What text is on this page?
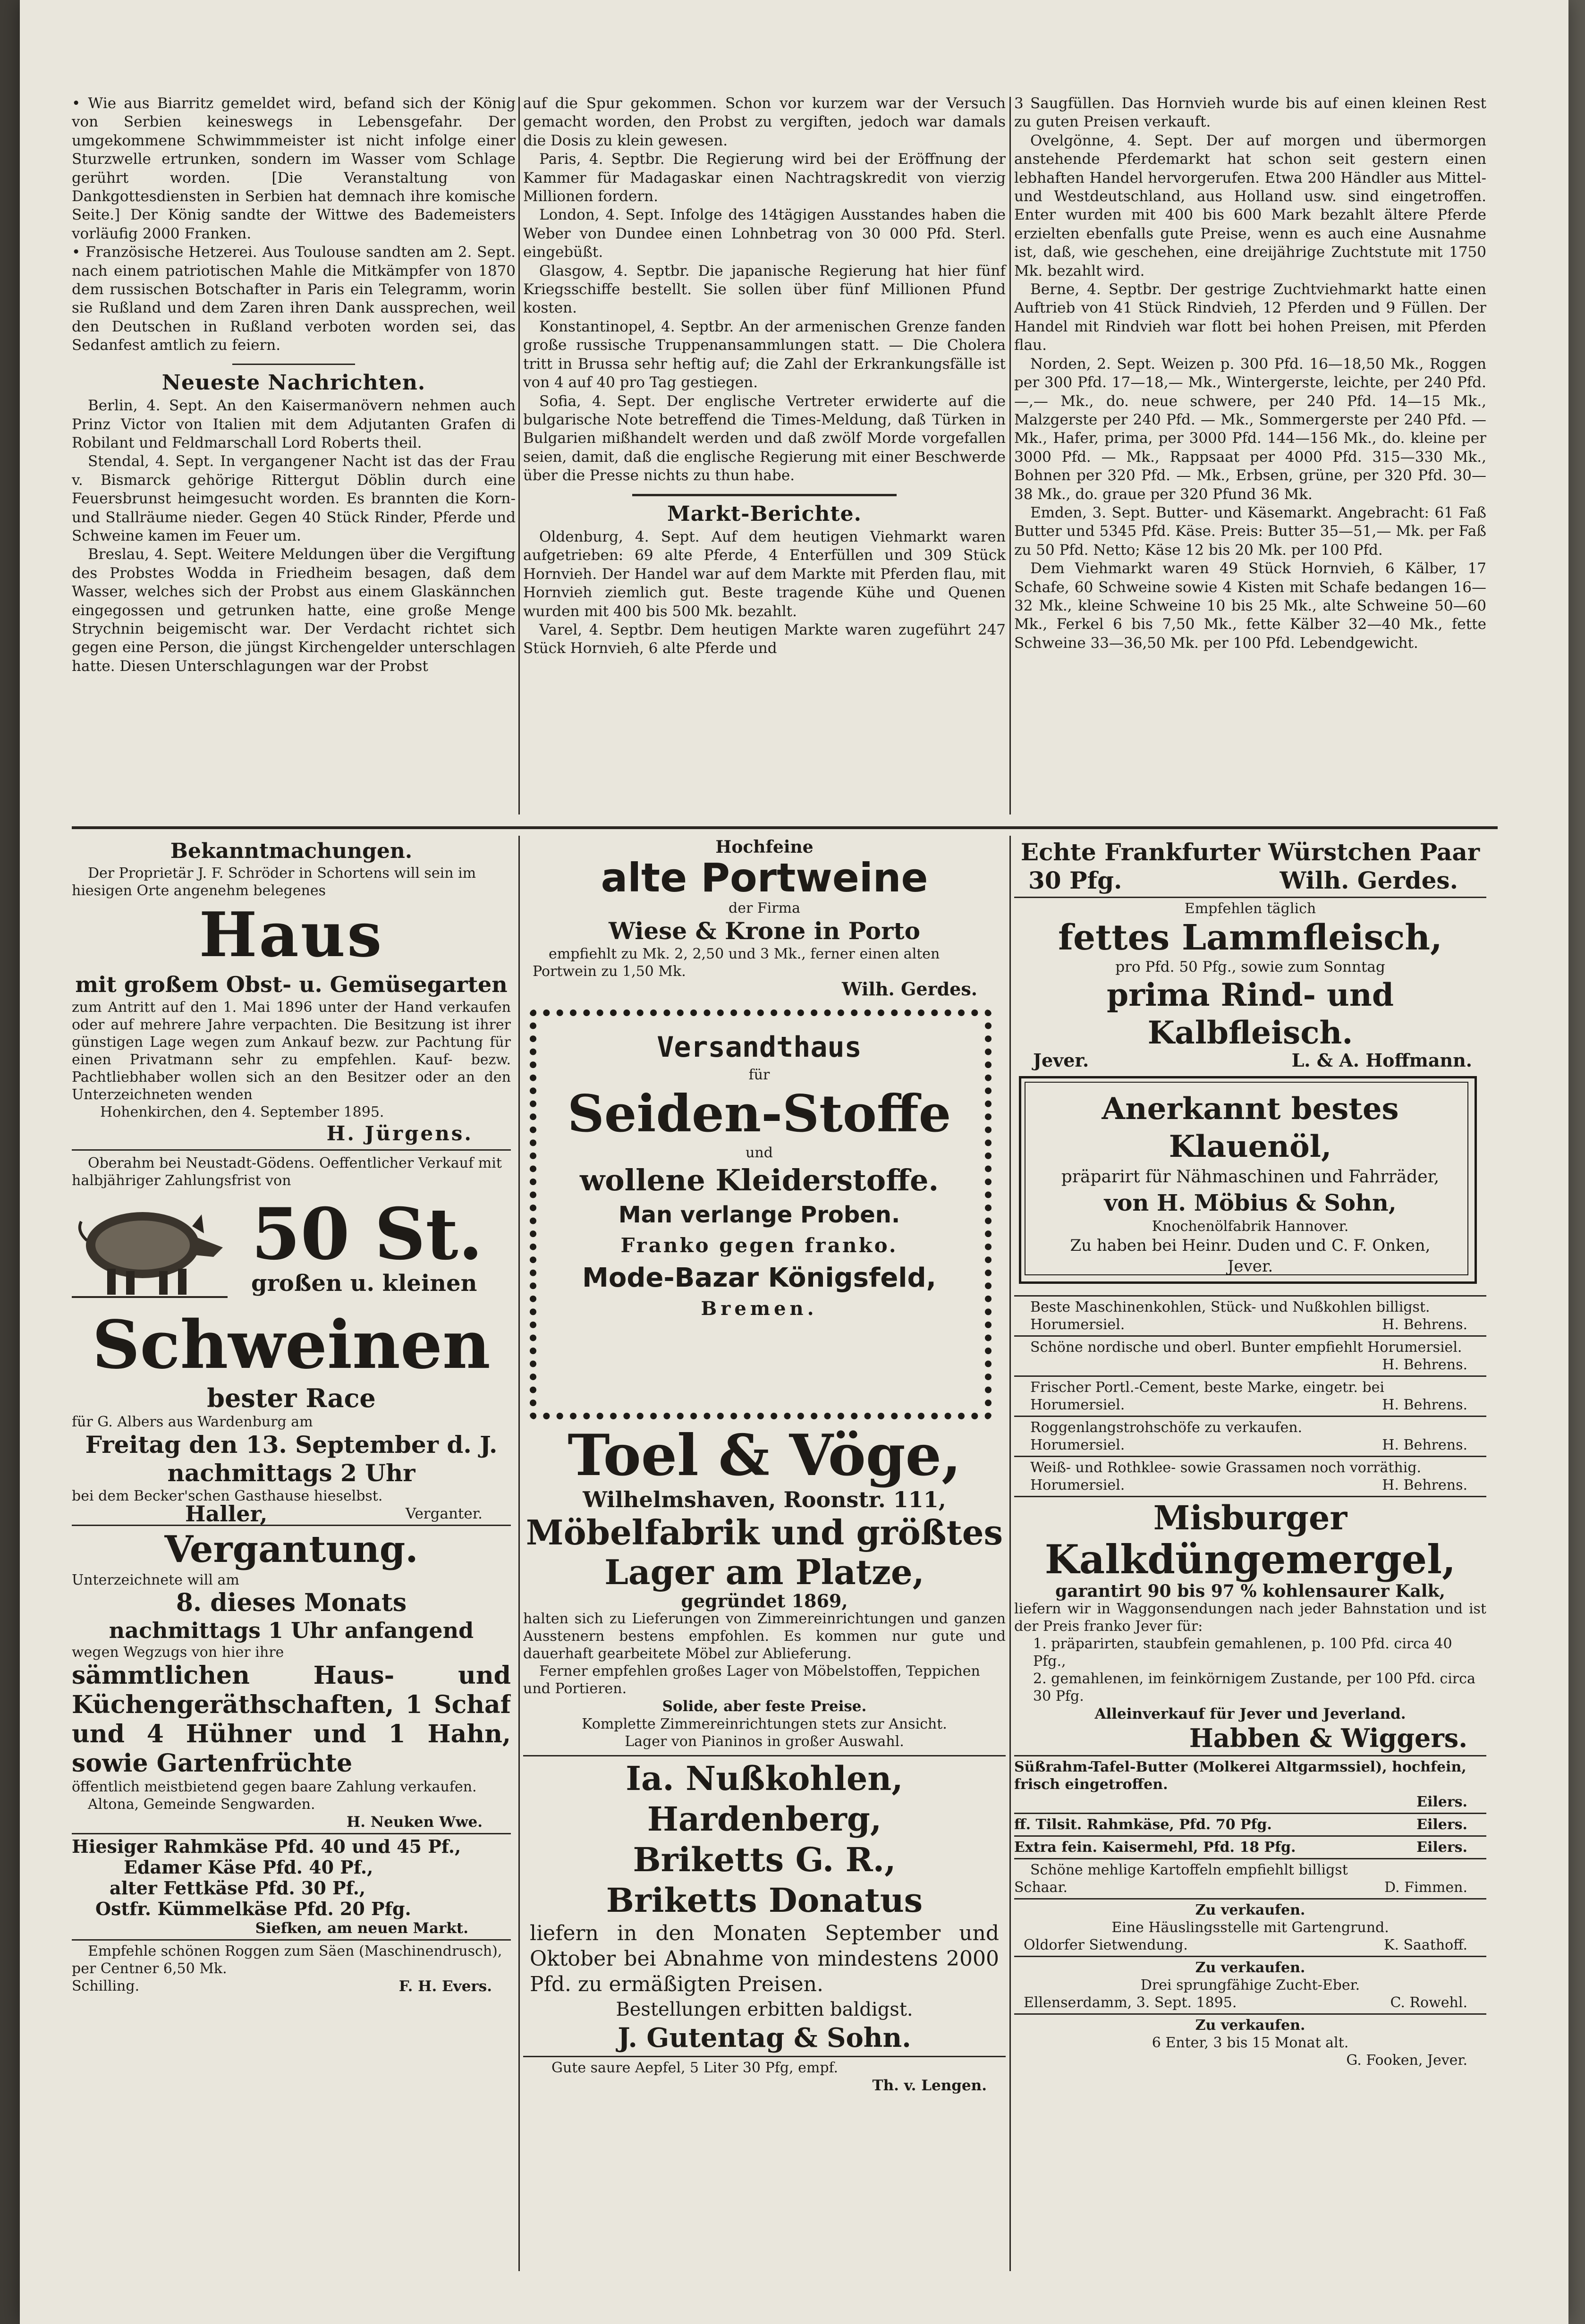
• Wie aus Biarritz gemeldet wird, befand sich der König von Serbien keineswegs in Lebensgefahr. Der umgekommene Schwimmmeister ist nicht infolge einer Sturzwelle ertrunken, sondern im Wasser vom Schlage gerührt worden. [Die Veranstaltung von Dankgottesdiensten in Serbien hat demnach ihre komische Seite.] Der König sandte der Wittwe des Bademeisters vorläufig 2000 Franken.

• Französische Hetzerei. Aus Toulouse sandten am 2. Sept. nach einem patriotischen Mahle die Mitkämpfer von 1870 dem russischen Botschafter in Paris ein Telegramm, worin sie Rußland und dem Zaren ihren Dank aussprechen, weil den Deutschen in Rußland verboten worden sei, das Sedanfest amtlich zu feiern.

Neueste Nachrichten.

Berlin, 4. Sept. An den Kaisermanövern nehmen auch Prinz Victor von Italien mit dem Adjutanten Grafen di Robilant und Feldmarschall Lord Roberts theil.

Stendal, 4. Sept. In vergangener Nacht ist das der Frau v. Bismarck gehörige Rittergut Döblin durch eine Feuersbrunst heimgesucht worden. Es brannten die Korn- und Stallräume nieder. Gegen 40 Stück Rinder, Pferde und Schweine kamen im Feuer um.

Breslau, 4. Sept. Weitere Meldungen über die Vergiftung des Probstes Wodda in Friedheim besagen, daß dem Wasser, welches sich der Probst aus einem Glaskännchen eingegossen und getrunken hatte, eine große Menge Strychnin beigemischt war. Der Verdacht richtet sich gegen eine Person, die jüngst Kirchengelder unterschlagen hatte. Diesen Unterschlagungen war der Probst

auf die Spur gekommen. Schon vor kurzem war der Versuch gemacht worden, den Probst zu vergiften, jedoch war damals die Dosis zu klein gewesen.

Paris, 4. Septbr. Die Regierung wird bei der Eröffnung der Kammer für Madagaskar einen Nachtragskredit von vierzig Millionen fordern.

London, 4. Sept. Infolge des 14tägigen Ausstandes haben die Weber von Dundee einen Lohnbetrag von 30 000 Pfd. Sterl. eingebüßt.

Glasgow, 4. Septbr. Die japanische Regierung hat hier fünf Kriegsschiffe bestellt. Sie sollen über fünf Millionen Pfund kosten.

Konstantinopel, 4. Septbr. An der armenischen Grenze fanden große russische Truppenansammlungen statt. — Die Cholera tritt in Brussa sehr heftig auf; die Zahl der Erkrankungsfälle ist von 4 auf 40 pro Tag gestiegen.

Sofia, 4. Sept. Der englische Vertreter erwiderte auf die bulgarische Note betreffend die Times-Meldung, daß Türken in Bulgarien mißhandelt werden und daß zwölf Morde vorgefallen seien, damit, daß die englische Regierung mit einer Beschwerde über die Presse nichts zu thun habe.

Markt-Berichte.

Oldenburg, 4. Sept. Auf dem heutigen Viehmarkt waren aufgetrieben: 69 alte Pferde, 4 Enterfüllen und 309 Stück Hornvieh. Der Handel war auf dem Markte mit Pferden flau, mit Hornvieh ziemlich gut. Beste tragende Kühe und Quenen wurden mit 400 bis 500 Mk. bezahlt.

Varel, 4. Septbr. Dem heutigen Markte waren zugeführt 247 Stück Hornvieh, 6 alte Pferde und

3 Saugfüllen. Das Hornvieh wurde bis auf einen kleinen Rest zu guten Preisen verkauft.

Ovelgönne, 4. Sept. Der auf morgen und übermorgen anstehende Pferdemarkt hat schon seit gestern einen lebhaften Handel hervorgerufen. Etwa 200 Händler aus Mittel- und Westdeutschland, aus Holland usw. sind eingetroffen. Enter wurden mit 400 bis 600 Mark bezahlt ältere Pferde erzielten ebenfalls gute Preise, wenn es auch eine Ausnahme ist, daß, wie geschehen, eine dreijährige Zuchtstute mit 1750 Mk. bezahlt wird.

Berne, 4. Septbr. Der gestrige Zuchtviehmarkt hatte einen Auftrieb von 41 Stück Rindvieh, 12 Pferden und 9 Füllen. Der Handel mit Rindvieh war flott bei hohen Preisen, mit Pferden flau.

Norden, 2. Sept. Weizen p. 300 Pfd. 16—18,50 Mk., Roggen per 300 Pfd. 17—18,— Mk., Wintergerste, leichte, per 240 Pfd. —,— Mk., do. neue schwere, per 240 Pfd. 14—15 Mk., Malzgerste per 240 Pfd. — Mk., Sommergerste per 240 Pfd. — Mk., Hafer, prima, per 3000 Pfd. 144—156 Mk., do. kleine per 3000 Pfd. — Mk., Rappsaat per 4000 Pfd. 315—330 Mk., Bohnen per 320 Pfd. — Mk., Erbsen, grüne, per 320 Pfd. 30—38 Mk., do. graue per 320 Pfund 36 Mk.

Emden, 3. Sept. Butter- und Käsemarkt. Angebracht: 61 Faß Butter und 5345 Pfd. Käse. Preis: Butter 35—51,— Mk. per Faß zu 50 Pfd. Netto; Käse 12 bis 20 Mk. per 100 Pfd.

Dem Viehmarkt waren 49 Stück Hornvieh, 6 Kälber, 17 Schafe, 60 Schweine sowie 4 Kisten mit Schafe bedangen 16—32 Mk., kleine Schweine 10 bis 25 Mk., alte Schweine 50—60 Mk., Ferkel 6 bis 7,50 Mk., fette Kälber 32—40 Mk., fette Schweine 33—36,50 Mk. per 100 Pfd. Lebendgewicht.

Bekanntmachungen.
Der Proprietär J. F. Schröder in Schortens will sein im hiesigen Orte angenehm belegenes
Haus
mit großem Obst- u. Gemüsegarten
zum Antritt auf den 1. Mai 1896 unter der Hand verkaufen oder auf mehrere Jahre verpachten. Die Besitzung ist ihrer günstigen Lage wegen zum Ankauf bezw. zur Pachtung für einen Privatmann sehr zu empfehlen. Kauf- bezw. Pachtliebhaber wollen sich an den Besitzer oder an den Unterzeichneten wenden
Hohenkirchen, den 4. September 1895.
H. Jürgens.
Oberahm bei Neustadt-Gödens. Oeffentlicher Verkauf mit halbjähriger Zahlungsfrist von
50 St.
großen u. kleinen
Schweinen
bester Race
für G. Albers aus Wardenburg am
Freitag den 13. September d. J.
nachmittags 2 Uhr
bei dem Becker'schen Gasthause hieselbst.
Haller,	Verganter.
Vergantung.
Unterzeichnete will am
8. dieses Monats
nachmittags 1 Uhr anfangend
wegen Wegzugs von hier ihre
sämmtlichen Haus- und Küchengeräthschaften, 1 Schaf und 4 Hühner und 1 Hahn, sowie Gartenfrüchte
öffentlich meistbietend gegen baare Zahlung verkaufen.
Altona, Gemeinde Sengwarden.
H. Neuken Wwe.
Hiesiger Rahmkäse Pfd. 40 und 45 Pf.,
Edamer Käse Pfd. 40 Pf.,
alter Fettkäse Pfd. 30 Pf.,
Ostfr. Kümmelkäse Pfd. 20 Pfg.
Siefken, am neuen Markt.
Empfehle schönen Roggen zum Säen (Maschinendrusch), per Centner 6,50 Mk.
Schilling.	F. H. Evers.
Hochfeine
alte Portweine
der Firma
Wiese & Krone in Porto
empfiehlt zu Mk. 2, 2,50 und 3 Mk., ferner einen alten Portwein zu 1,50 Mk.
Wilh. Gerdes.
Versandthaus
für
Seiden-Stoffe
und
wollene Kleiderstoffe.
Man verlange Proben.
Franko gegen franko.
Mode-Bazar Königsfeld,
Bremen.
Toel & Vöge,
Wilhelmshaven, Roonstr. 111,
Möbelfabrik und größtes
Lager am Platze,
gegründet 1869,
halten sich zu Lieferungen von Zimmereinrichtungen und ganzen Ausstenern bestens empfohlen. Es kommen nur gute und dauerhaft gearbeitete Möbel zur Ablieferung.
Ferner empfehlen großes Lager von Möbelstoffen, Teppichen und Portieren.
Solide, aber feste Preise.
Komplette Zimmereinrichtungen stets zur Ansicht.
Lager von Pianinos in großer Auswahl.
Ia. Nußkohlen, Hardenberg,
Briketts G. R.,
Briketts Donatus
liefern in den Monaten September und Oktober bei Abnahme von mindestens 2000 Pfd. zu ermäßigten Preisen.
Bestellungen erbitten baldigst.
J. Gutentag & Sohn.
Gute saure Aepfel, 5 Liter 30 Pfg, empf.
Th. v. Lengen.
Echte Frankfurter Würstchen Paar
30 Pfg.	Wilh. Gerdes.
Empfehlen täglich
fettes Lammfleisch,
pro Pfd. 50 Pfg., sowie zum Sonntag
prima Rind- und Kalbfleisch.
Jever.	L. & A. Hoffmann.
Anerkannt bestes Klauenöl,
präparirt für Nähmaschinen und Fahrräder,
von H. Möbius & Sohn,
Knochenölfabrik Hannover.
Zu haben bei Heinr. Duden und C. F. Onken, Jever.
Beste Maschinenkohlen, Stück- und Nußkohlen billigst.
Horumersiel.	H. Behrens.
Schöne nordische und oberl. Bunter empfiehlt Horumersiel.
H. Behrens.
Frischer Portl.-Cement, beste Marke, eingetr. bei
Horumersiel.	H. Behrens.
Roggenlangstrohschöfe zu verkaufen.
Horumersiel.	H. Behrens.
Weiß- und Rothklee- sowie Grassamen noch vorräthig.
Horumersiel.	H. Behrens.
Misburger
Kalkdüngemergel,
garantirt 90 bis 97 % kohlensaurer Kalk,
liefern wir in Waggonsendungen nach jeder Bahnstation und ist der Preis franko Jever für:
1. präparirten, staubfein gemahlenen, p. 100 Pfd. circa 40 Pfg.,
2. gemahlenen, im feinkörnigem Zustande, per 100 Pfd. circa 30 Pfg.
Alleinverkauf für Jever und Jeverland.
Habben & Wiggers.
Süßrahm-Tafel-Butter (Molkerei Altgarmssiel), hochfein, frisch eingetroffen.
Eilers.
ff. Tilsit. Rahmkäse, Pfd. 70 Pfg.	Eilers.
Extra fein. Kaisermehl, Pfd. 18 Pfg.	Eilers.
Schöne mehlige Kartoffeln empfiehlt billigst
Schaar.	D. Fimmen.
Zu verkaufen.
Eine Häuslingsstelle mit Gartengrund.
Oldorfer Sietwendung.	K. Saathoff.
Zu verkaufen.
Drei sprungfähige Zucht-Eber.
Ellenserdamm, 3. Sept. 1895.	C. Rowehl.
Zu verkaufen.
6 Enter, 3 bis 15 Monat alt.
G. Fooken, Jever.
